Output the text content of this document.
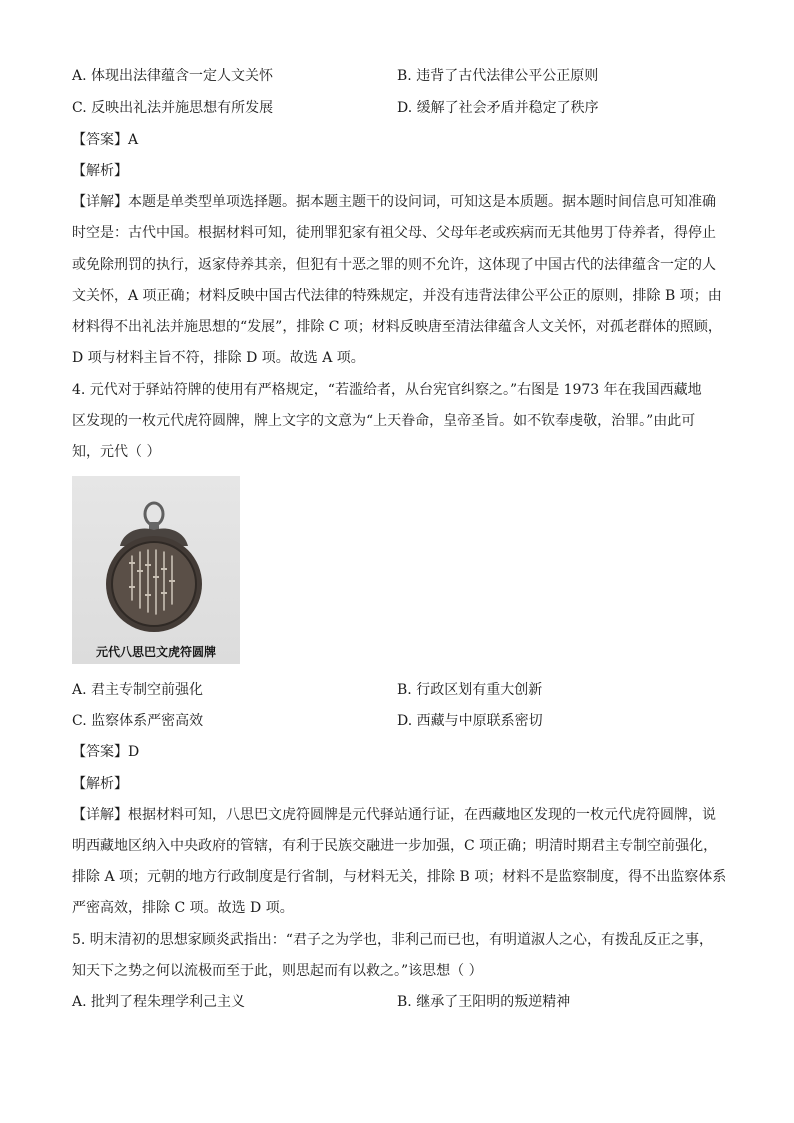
A. 体现出法律蕴含一定人文关怀	B. 违背了古代法律公平公正原则
C. 反映出礼法并施思想有所发展	D. 缓解了社会矛盾并稳定了秩序
【答案】A
【解析】
【详解】本题是单类型单项选择题。据本题主题干的设问词，可知这是本质题。据本题时间信息可知准确
时空是：古代中国。根据材料可知，徒刑罪犯家有祖父母、父母年老或疾病而无其他男丁侍养者，得停止
或免除刑罚的执行，返家侍养其亲，但犯有十恶之罪的则不允许，这体现了中国古代的法律蕴含一定的人
文关怀，A 项正确；材料反映中国古代法律的特殊规定，并没有违背法律公平公正的原则，排除 B 项；由
材料得不出礼法并施思想的“发展”，排除 C 项；材料反映唐至清法律蕴含人文关怀，对孤老群体的照顾，
D 项与材料主旨不符，排除 D 项。故选 A 项。
4. 元代对于驿站符牌的使用有严格规定，“若滥给者，从台宪官纠察之。”右图是 1973 年在我国西藏地
区发现的一枚元代虎符圆牌，牌上文字的文意为“上天眷命，皇帝圣旨。如不钦奉虔敬，治罪。”由此可
知，元代（ ）
元代八思巴文虎符圆牌
A. 君主专制空前强化	B. 行政区划有重大创新
C. 监察体系严密高效	D. 西藏与中原联系密切
【答案】D
【解析】
【详解】根据材料可知，八思巴文虎符圆牌是元代驿站通行证，在西藏地区发现的一枚元代虎符圆牌，说
明西藏地区纳入中央政府的管辖，有利于民族交融进一步加强，C 项正确；明清时期君主专制空前强化，
排除 A 项；元朝的地方行政制度是行省制，与材料无关，排除 B 项；材料不是监察制度，得不出监察体系
严密高效，排除 C 项。故选 D 项。
5. 明末清初的思想家顾炎武指出：“君子之为学也，非利己而已也，有明道淑人之心，有拨乱反正之事，
知天下之势之何以流极而至于此，则思起而有以救之。”该思想（ ）
A. 批判了程朱理学利己主义	B. 继承了王阳明的叛逆精神
